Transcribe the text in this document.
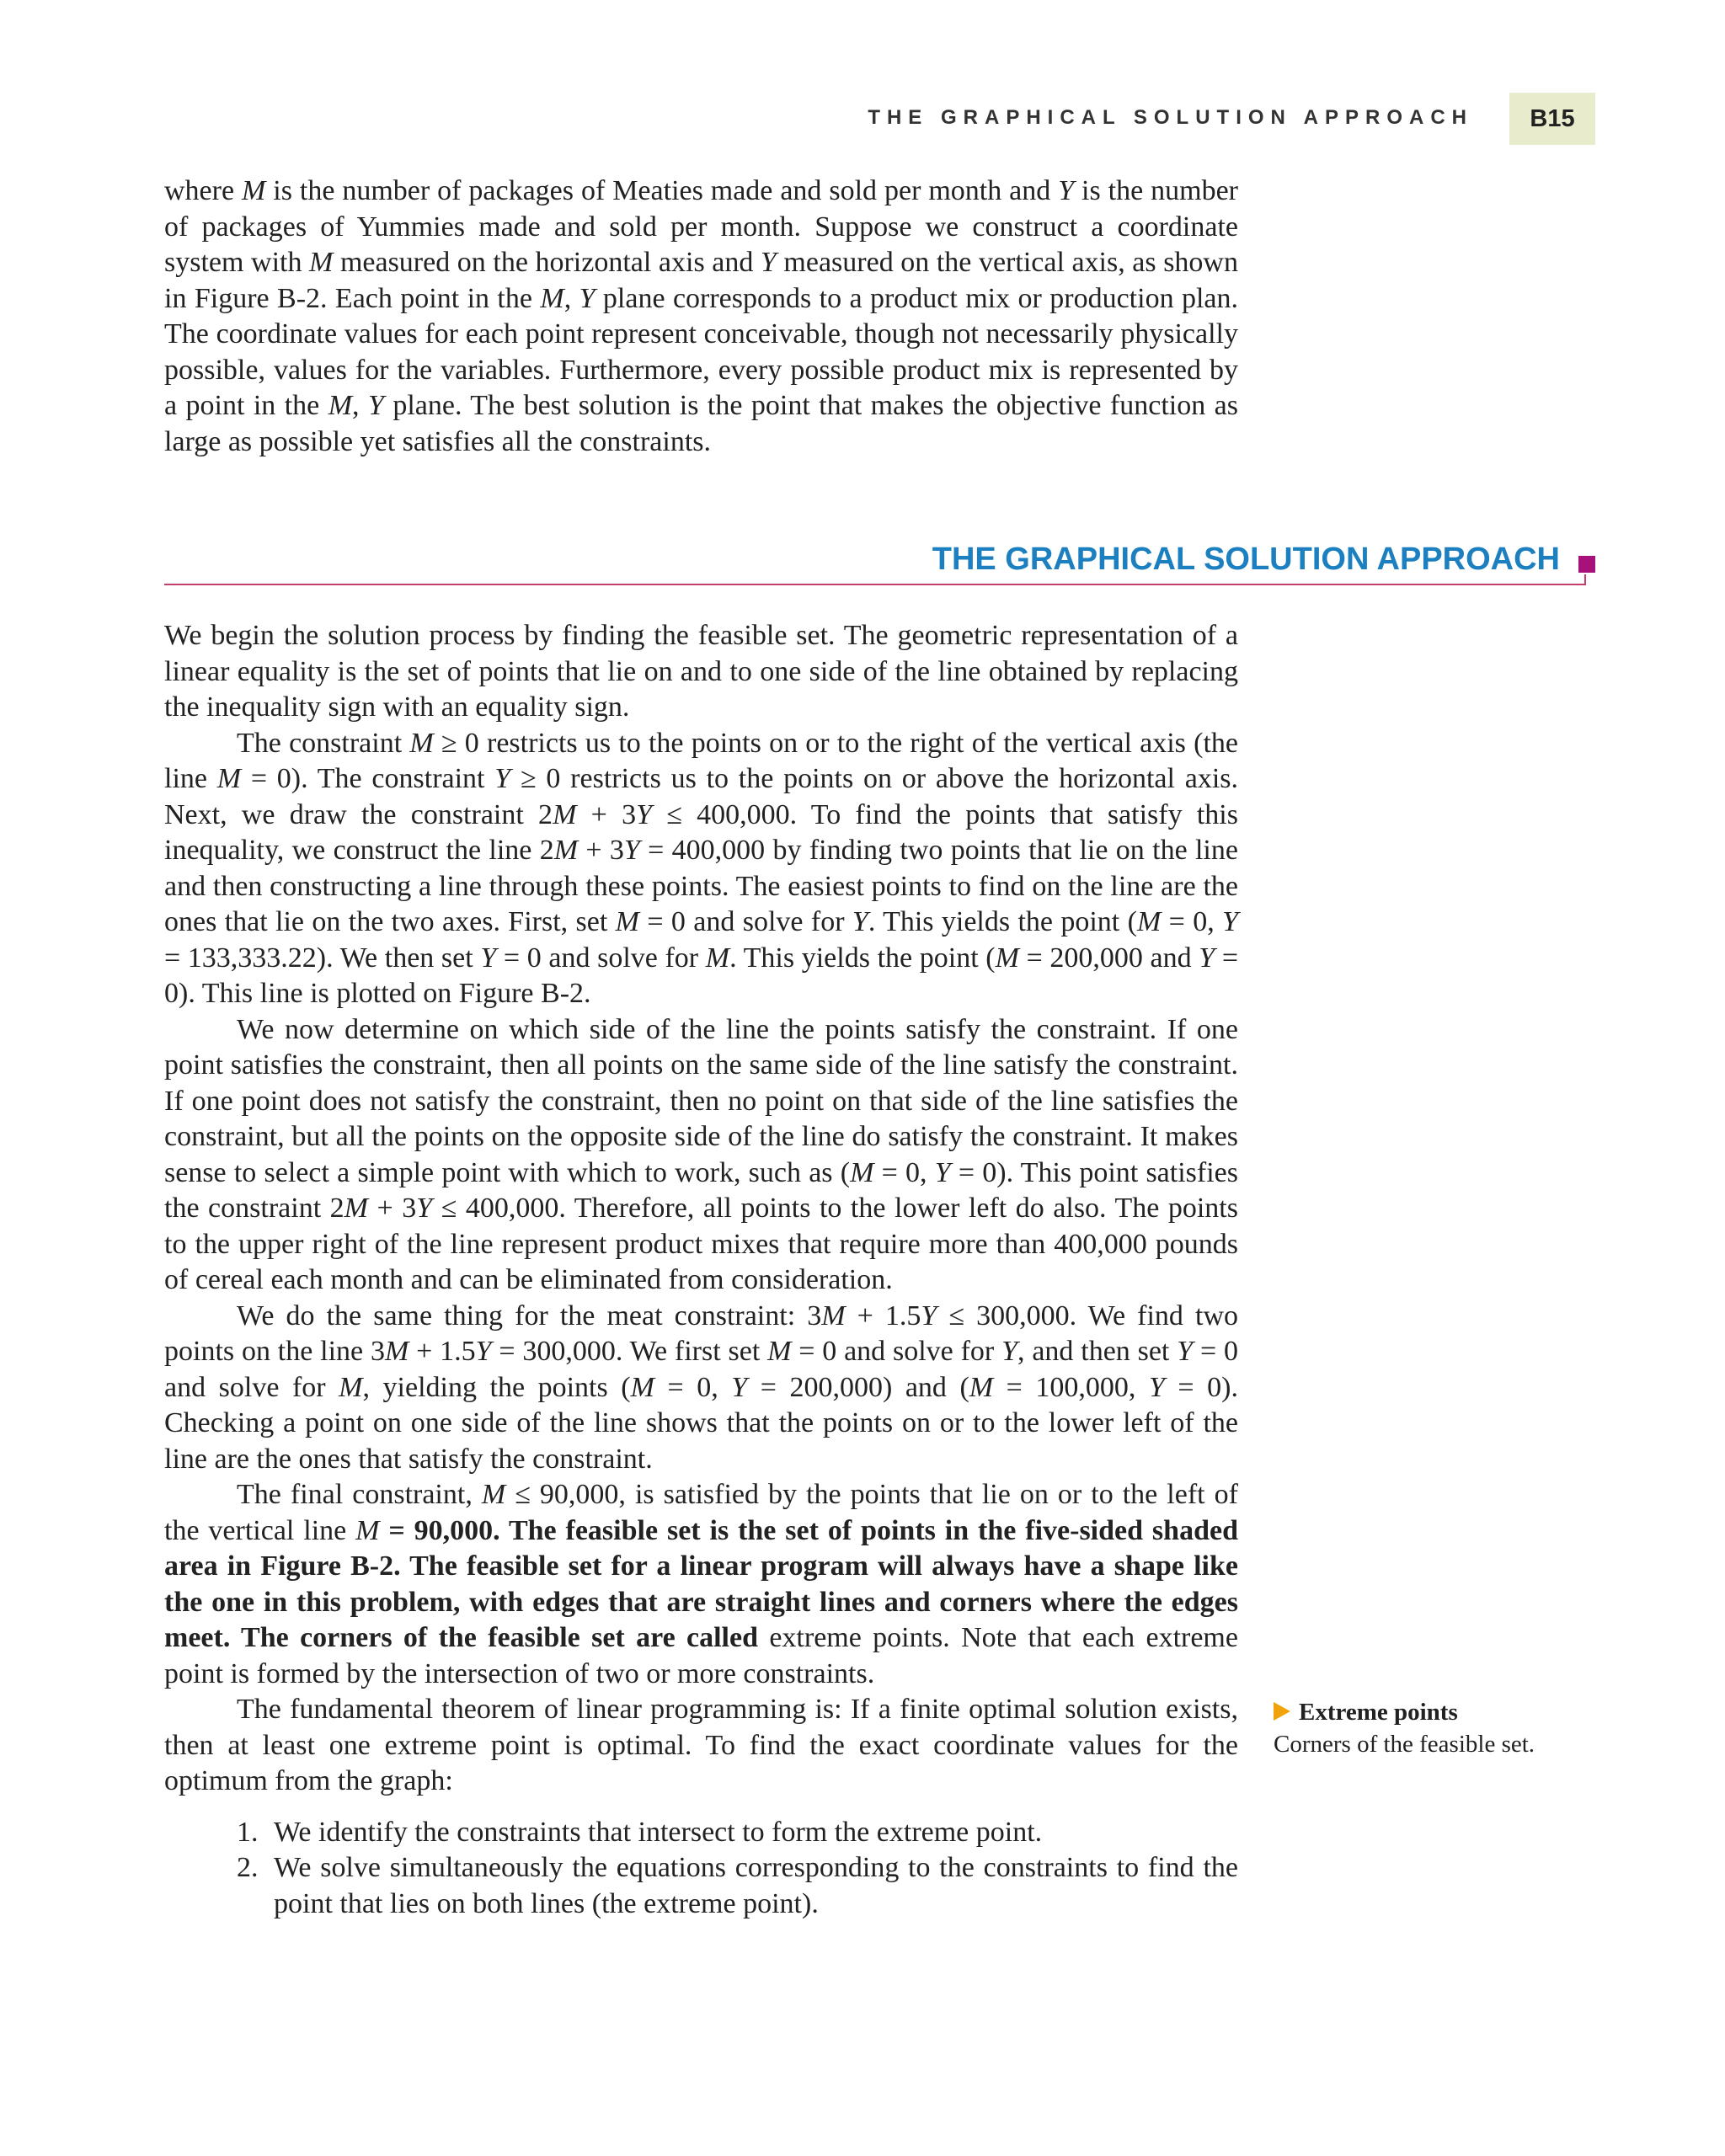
THE GRAPHICAL SOLUTION APPROACH B15

where M is the number of packages of Meaties made and sold per month and Y is the number of packages of Yummies made and sold per month. Suppose we construct a coordinate system with M measured on the horizontal axis and Y measured on the vertical axis, as shown in Figure B-2. Each point in the M, Y plane corresponds to a product mix or production plan. The coordinate values for each point represent conceivable, though not necessarily physically possible, values for the variables. Furthermore, every possible product mix is represented by a point in the M, Y plane. The best solution is the point that makes the objective function as large as possible yet satisfies all the constraints.

THE GRAPHICAL SOLUTION APPROACH

We begin the solution process by finding the feasible set. The geometric representation of a linear equality is the set of points that lie on and to one side of the line obtained by replacing the inequality sign with an equality sign.

The constraint M ≥ 0 restricts us to the points on or to the right of the vertical axis (the line M = 0). The constraint Y ≥ 0 restricts us to the points on or above the horizontal axis. Next, we draw the constraint 2M + 3Y ≤ 400,000. To find the points that satisfy this inequality, we construct the line 2M + 3Y = 400,000 by finding two points that lie on the line and then constructing a line through these points. The easiest points to find on the line are the ones that lie on the two axes. First, set M = 0 and solve for Y. This yields the point (M = 0, Y = 133,333.22). We then set Y = 0 and solve for M. This yields the point (M = 200,000 and Y = 0). This line is plotted on Figure B-2.

We now determine on which side of the line the points satisfy the constraint. If one point satisfies the constraint, then all points on the same side of the line satisfy the constraint. If one point does not satisfy the constraint, then no point on that side of the line satisfies the constraint, but all the points on the opposite side of the line do satisfy the constraint. It makes sense to select a simple point with which to work, such as (M = 0, Y = 0). This point satisfies the constraint 2M + 3Y ≤ 400,000. Therefore, all points to the lower left do also. The points to the upper right of the line represent product mixes that require more than 400,000 pounds of cereal each month and can be eliminated from consideration.

We do the same thing for the meat constraint: 3M + 1.5Y ≤ 300,000. We find two points on the line 3M + 1.5Y = 300,000. We first set M = 0 and solve for Y, and then set Y = 0 and solve for M, yielding the points (M = 0, Y = 200,000) and (M = 100,000, Y = 0). Checking a point on one side of the line shows that the points on or to the lower left of the line are the ones that satisfy the constraint.

The final constraint, M ≤ 90,000, is satisfied by the points that lie on or to the left of the vertical line M = 90,000. The feasible set is the set of points in the five-sided shaded area in Figure B-2. The feasible set for a linear program will always have a shape like the one in this problem, with edges that are straight lines and corners where the edges meet. The corners of the feasible set are called extreme points. Note that each extreme point is formed by the intersection of two or more constraints.

The fundamental theorem of linear programming is: If a finite optimal solution exists, then at least one extreme point is optimal. To find the exact coordinate values for the optimum from the graph:

1. We identify the constraints that intersect to form the extreme point.
2. We solve simultaneously the equations corresponding to the constraints to find the point that lies on both lines (the extreme point).
Extreme points
Corners of the feasible set.
